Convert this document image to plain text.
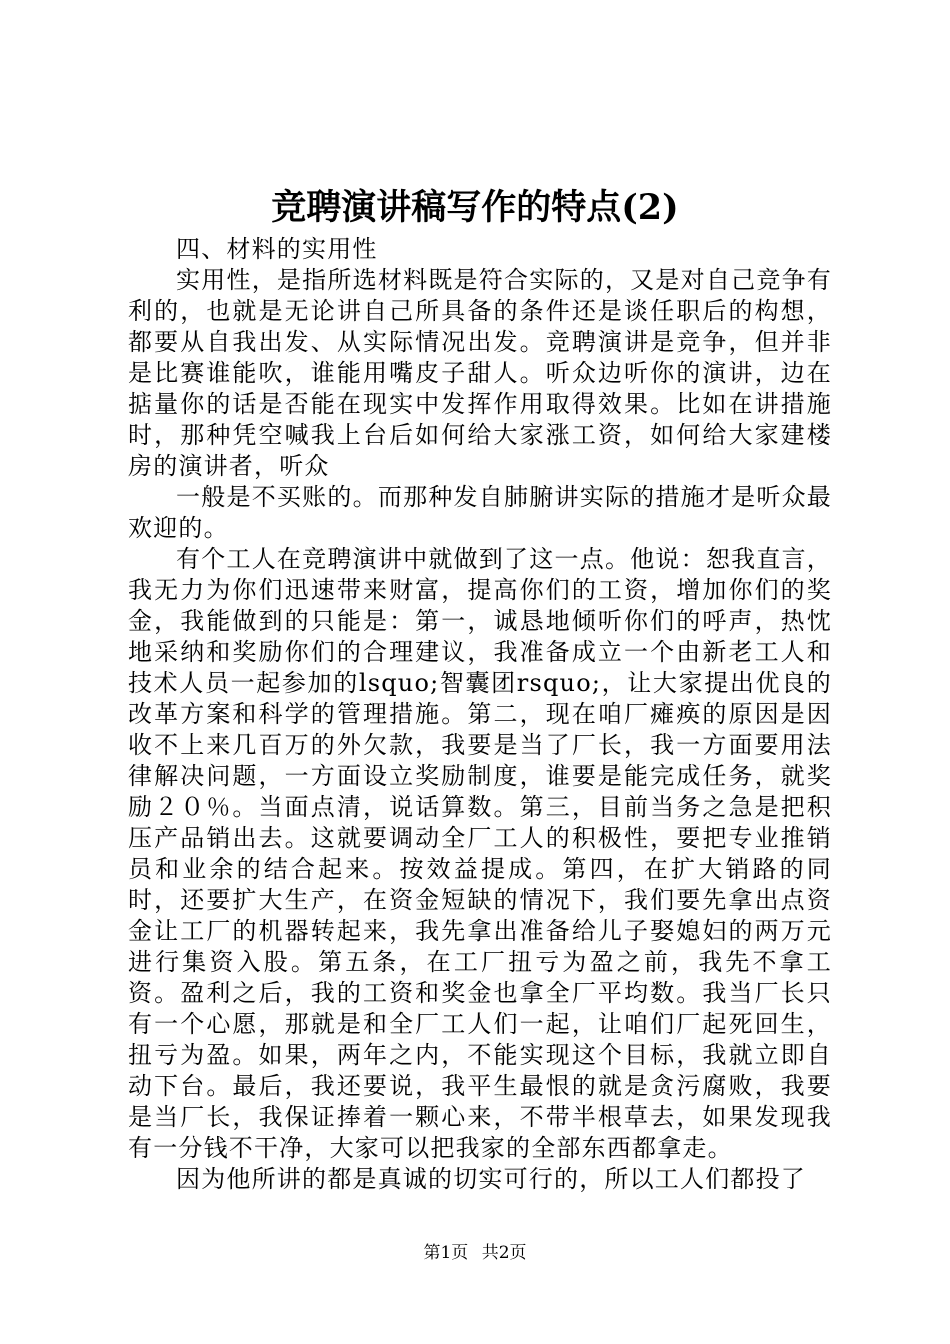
竞聘演讲稿写作的特点(2)

四、材料的实用性

实用性，是指所选材料既是符合实际的，又是对自己竞争有利的，也就是无论讲自己所具备的条件还是谈任职后的构想，都要从自我出发、从实际情况出发。竞聘演讲是竞争，但并非是比赛谁能吹，谁能用嘴皮子甜人。听众边听你的演讲，边在掂量你的话是否能在现实中发挥作用取得效果。比如在讲措施时，那种凭空喊我上台后如何给大家涨工资，如何给大家建楼房的演讲者，听众

一般是不买账的。而那种发自肺腑讲实际的措施才是听众最欢迎的。

有个工人在竞聘演讲中就做到了这一点。他说：恕我直言，我无力为你们迅速带来财富，提高你们的工资，增加你们的奖金，我能做到的只能是：第一，诚恳地倾听你们的呼声，热忱地采纳和奖励你们的合理建议，我准备成立一个由新老工人和技术人员一起参加的lsquo;智囊团rsquo;，让大家提出优良的改革方案和科学的管理措施。第二，现在咱厂瘫痪的原因是因收不上来几百万的外欠款，我要是当了厂长，我一方面要用法律解决问题，一方面设立奖励制度，谁要是能完成任务，就奖励２０％。当面点清，说话算数。第三，目前当务之急是把积压产品销出去。这就要调动全厂工人的积极性，要把专业推销员和业余的结合起来。按效益提成。第四，在扩大销路的同时，还要扩大生产，在资金短缺的情况下，我们要先拿出点资金让工厂的机器转起来，我先拿出准备给儿子娶媳妇的两万元进行集资入股。第五条，在工厂扭亏为盈之前，我先不拿工资。盈利之后，我的工资和奖金也拿全厂平均数。我当厂长只有一个心愿，那就是和全厂工人们一起，让咱们厂起死回生，扭亏为盈。如果，两年之内，不能实现这个目标，我就立即自动下台。最后，我还要说，我平生最恨的就是贪污腐败，我要是当厂长，我保证捧着一颗心来，不带半根草去，如果发现我有一分钱不干净，大家可以把我家的全部东西都拿走。

因为他所讲的都是真诚的切实可行的，所以工人们都投了

第1页 共2页
